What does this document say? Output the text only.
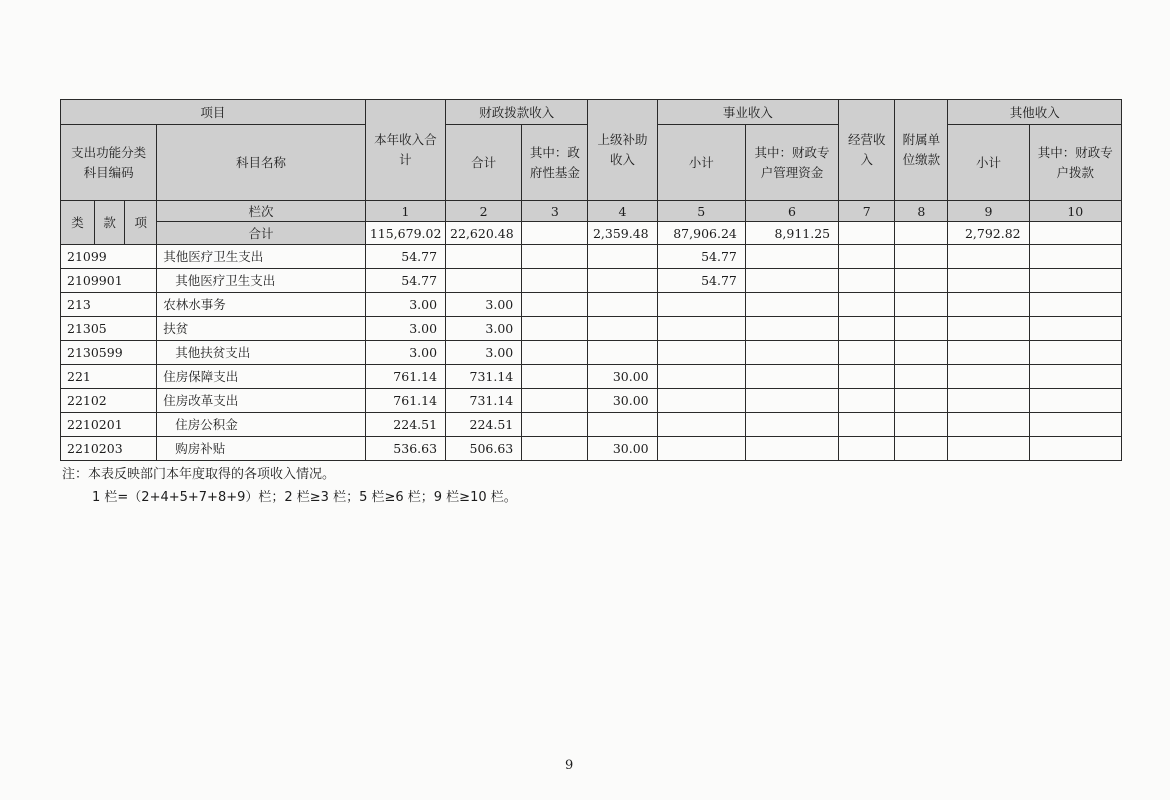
项目				本年收入合计	财政拨款收入		上级补助收入	事业收入		经营收入	附属单位缴款	其他收入	
支出功能分类科目编码			科目名称		合计	其中：政府性基金		小计	其中：财政专户管理资金			小计	其中：财政专户拨款
类	款	项	栏次	1	2	3	4	5	6	7	8	9	10
			合计	115,679.02	22,620.48		2,359.48	87,906.24	8,911.25			2,792.82	
21099			其他医疗卫生支出	54.77				54.77					
2109901			其他医疗卫生支出	54.77				54.77					
213			农林水事务	3.00	3.00								
21305			扶贫	3.00	3.00								
2130599			其他扶贫支出	3.00	3.00								
221			住房保障支出	761.14	731.14		30.00						
22102			住房改革支出	761.14	731.14		30.00						
2210201			住房公积金	224.51	224.51								
2210203			购房补贴	536.63	506.63		30.00						
注：本表反映部门本年度取得的各项收入情况。
1 栏=（2+4+5+7+8+9）栏；2 栏≥3 栏；5 栏≥6 栏；9 栏≥10 栏。
9
